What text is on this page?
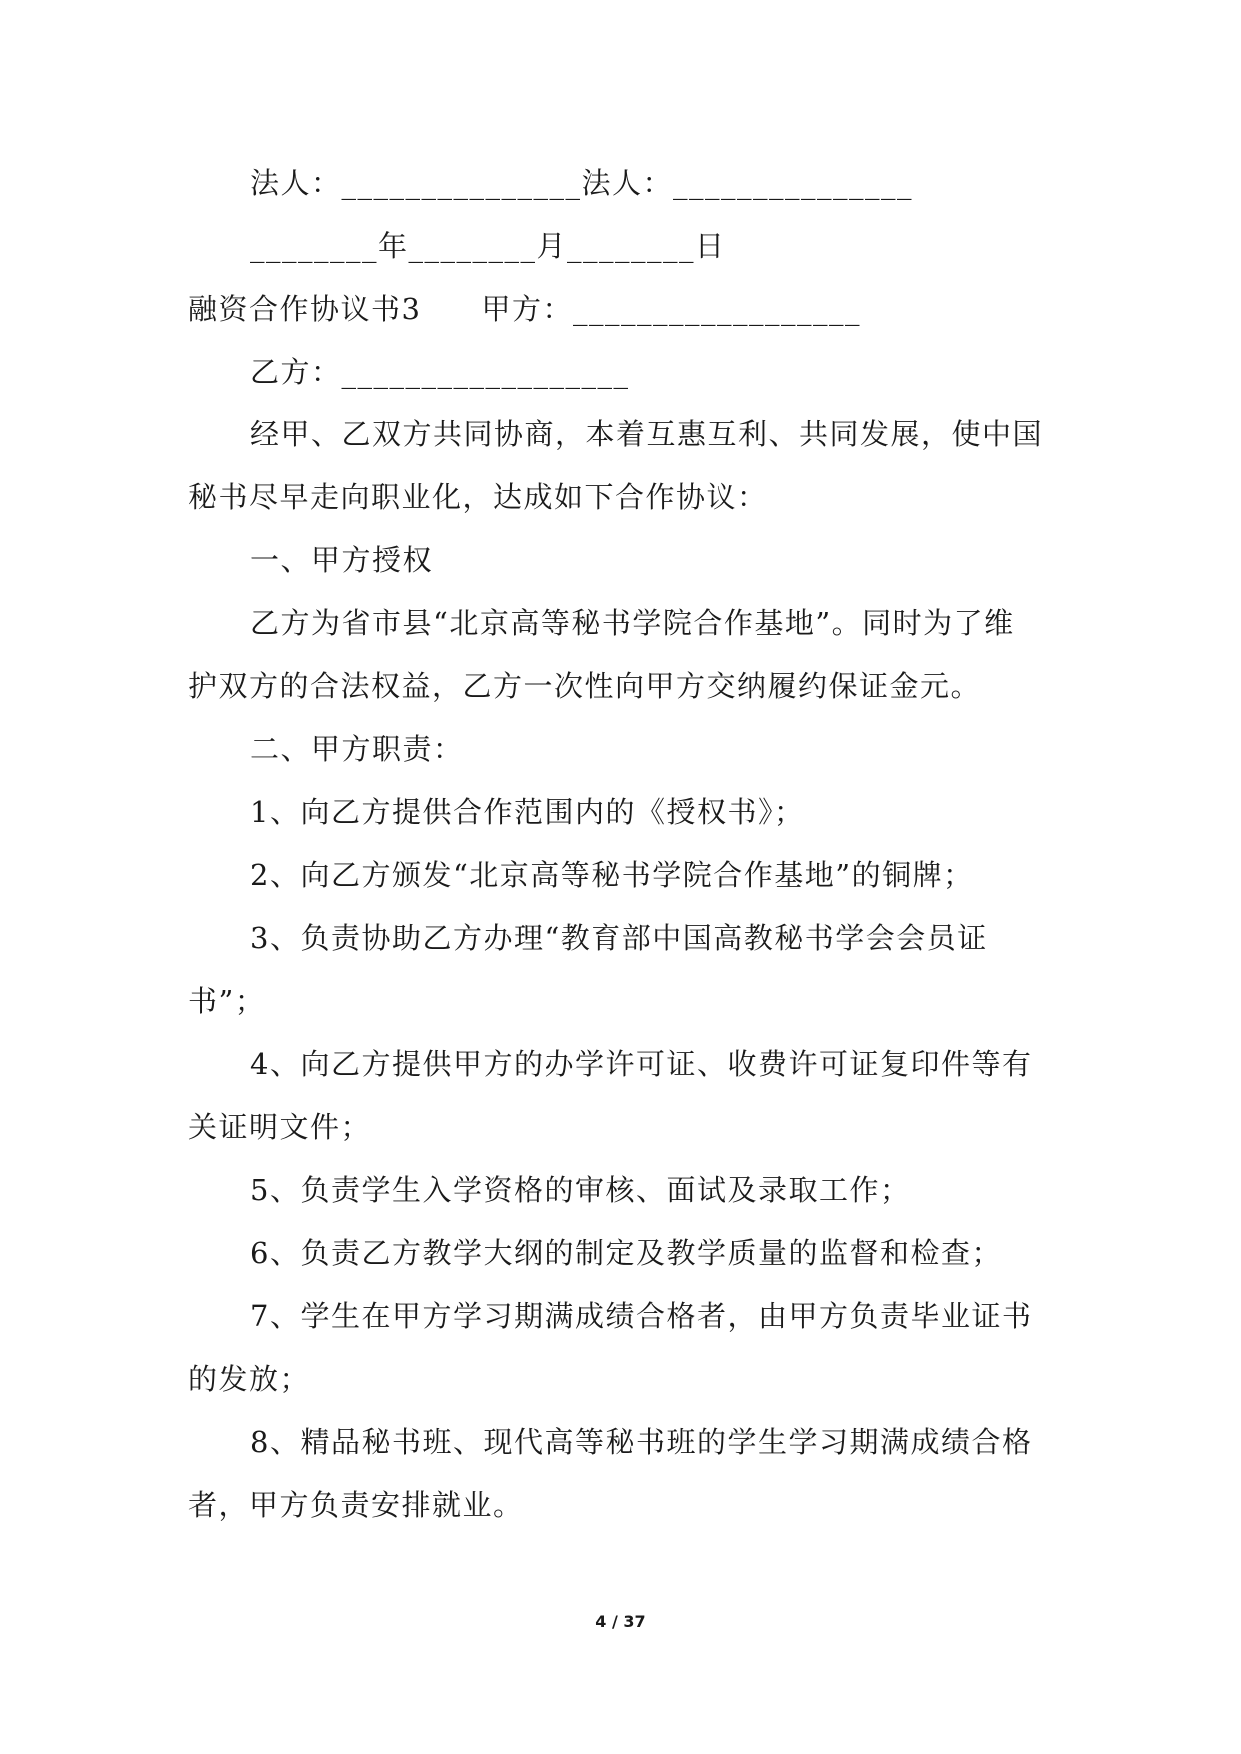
法人：_______________法人：_______________
________年________月________日
融资合作协议书3 甲方：__________________
乙方：__________________
经甲、乙双方共同协商，本着互惠互利、共同发展，使中国
秘书尽早走向职业化，达成如下合作协议：
一、甲方授权
乙方为省市县“北京高等秘书学院合作基地”。同时为了维
护双方的合法权益，乙方一次性向甲方交纳履约保证金元。
二、甲方职责：
1、向乙方提供合作范围内的《授权书》；
2、向乙方颁发“北京高等秘书学院合作基地”的铜牌；
3、负责协助乙方办理“教育部中国高教秘书学会会员证
书”；
4、向乙方提供甲方的办学许可证、收费许可证复印件等有
关证明文件；
5、负责学生入学资格的审核、面试及录取工作；
6、负责乙方教学大纲的制定及教学质量的监督和检查；
7、学生在甲方学习期满成绩合格者，由甲方负责毕业证书
的发放；
8、精品秘书班、现代高等秘书班的学生学习期满成绩合格
者，甲方负责安排就业。
4 / 37
